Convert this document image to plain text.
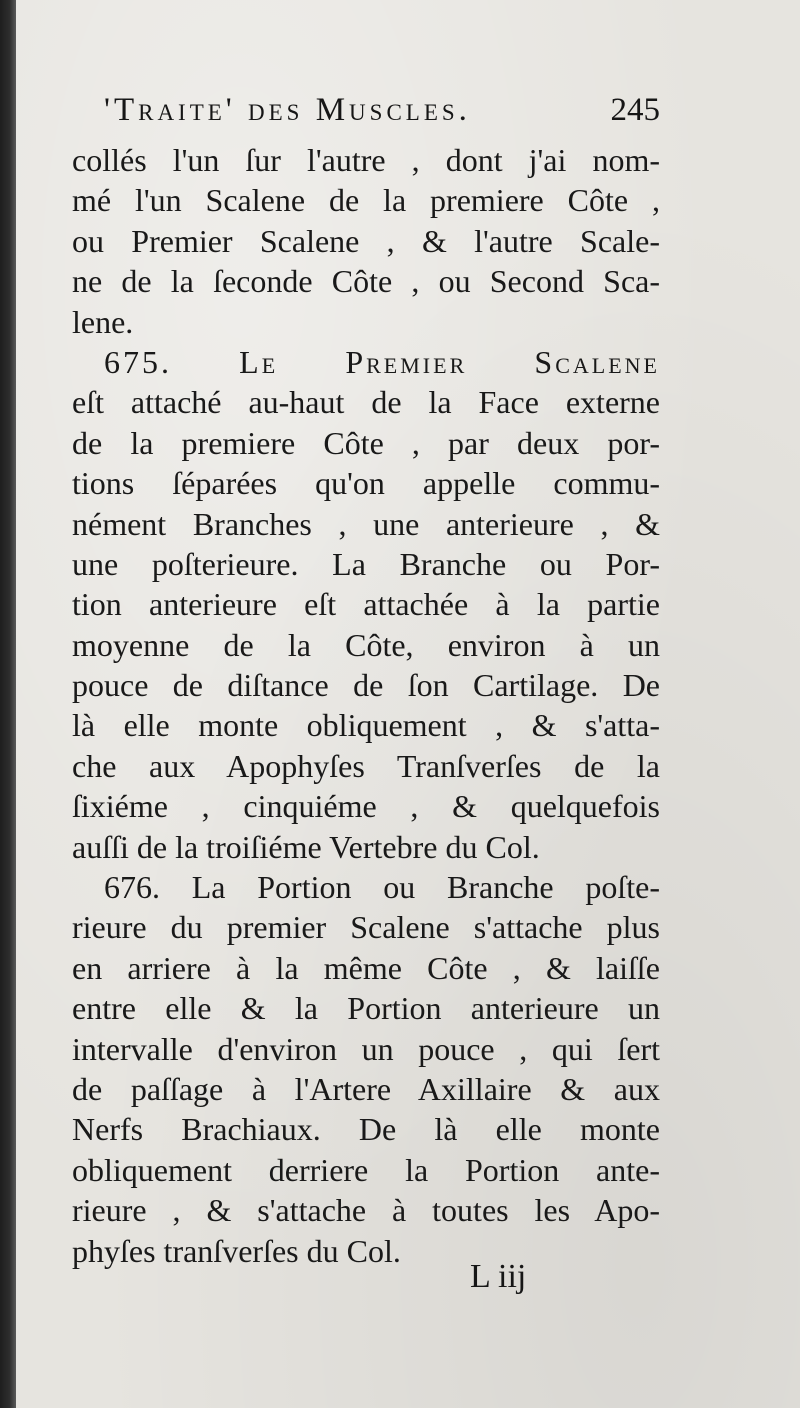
'Traite' des Muscles.	245
collés l'un ſur l'autre , dont j'ai nom-
mé l'un Scalene de la premiere Côte ,
ou Premier Scalene , & l'autre Scale-
ne de la ſeconde Côte , ou Second Sca-
lene.
675. Le Premier Scalene
eſt attaché au-haut de la Face externe
de la premiere Côte , par deux por-
tions ſéparées qu'on appelle commu-
nément Branches , une anterieure , &
une poſterieure. La Branche ou Por-
tion anterieure eſt attachée à la partie
moyenne de la Côte, environ à un
pouce de diſtance de ſon Cartilage. De
là elle monte obliquement , & s'atta-
che aux Apophyſes Tranſverſes de la
ſixiéme , cinquiéme , & quelquefois
auſſi de la troiſiéme Vertebre du Col.
676. La Portion ou Branche poſte-
rieure du premier Scalene s'attache plus
en arriere à la même Côte , & laiſſe
entre elle & la Portion anterieure un
intervalle d'environ un pouce , qui ſert
de paſſage à l'Artere Axillaire & aux
Nerfs Brachiaux. De là elle monte
obliquement derriere la Portion ante-
rieure , & s'attache à toutes les Apo-
phyſes tranſverſes du Col.
L iij
